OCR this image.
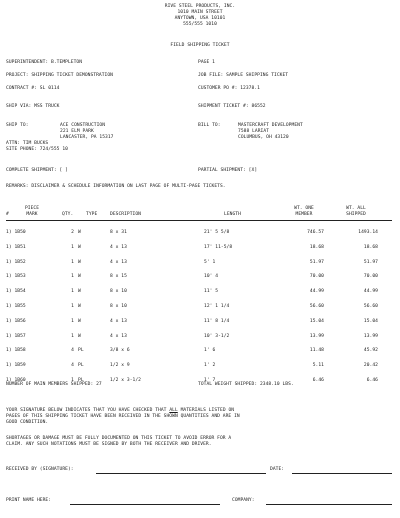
RIVE STEEL PRODUCTS, INC.
1010 MAIN STREET
ANYTOWN, USA 10101
555/555 1010
FIELD SHIPPING TICKET
SUPERINTENDENT: B.TEMPLETON	PAGE 1
PROJECT: SHIPPING TICKET DEMONSTRATION	JOB FILE: SAMPLE SHIPPING TICKET
CONTRACT #: SL 0114	CUSTOMER PO #: 12378.1
SHIP VIA: MSS TRUCK	SHIPMENT TICKET #: 86552
SHIP TO:	ACE CONSTRUCTION
221 ELM PARK
LANCASTER, PA 15317
ATTN: TIM BUCKS
SITE PHONE: 724/555 10
BILL TO:	MASTERCRAFT DEVELOPMENT
7588 LARIAT
COLUMBUS, OH 43120
COMPLETE SHIPMENT: [ ]	PARTIAL SHIPMENT: [X]
REMARKS: DISCLAIMER & SCHEDULE INFORMATION ON LAST PAGE OF MULTI-PAGE TICKETS.
PIECE
#	MARK	QTY.	TYPE	DESCRIPTION	LENGTH
WT. ONE
MEMBER
WT. ALL
SHIPPED
1) 1B50	2 W	8 x 31	21' 5 5/8	746.57	1493.14
1) 1B51	1 W	4 x 13	17' 11-5/8	18.68	18.68
1) 1B52	1 W	4 x 13	5' 1	51.97	51.97
1) 1B53	1 W	8 x 15	10' 4	70.00	70.00
1) 1B54	1 W	8 x 10	11' 5	44.99	44.99
1) 1B55	1 W	8 x 10	12' 1 1/4	56.60	56.60
1) 1B56	1 W	4 x 13	11' 8 1/4	15.04	15.04
1) 1B57	1 W	4 x 13	10' 3-1/2	13.99	13.99
1) 1B58	4 PL	3/8 x 6	1' 6	11.48	45.92
1) 1B59	4 PL	1/2 x 9	1' 2	5.11	20.42
1) 1B60	1 PL	1/2 x 3-1/2	1' 7	6.46	6.46
NUMBER OF MAIN MEMBERS SHIPPED: 27	TOTAL WEIGHT SHIPPED: 2348.10 LBS.
YOUR SIGNATURE BELOW INDICATES THAT YOU HAVE CHECKED THAT ALL MATERIALS LISTED ON
PAGES OF THIS SHIPPING TICKET HAVE BEEN RECEIVED IN THE SHOWN QUANTITIES AND ARE IN
GOOD CONDITION.
SHORTAGES OR DAMAGE MUST BE FULLY DOCUMENTED ON THIS TICKET TO AVOID ERROR FOR A
CLAIM. ANY SUCH NOTATIONS MUST BE SIGNED BY BOTH THE RECEIVER AND DRIVER.
RECEIVED BY (SIGNATURE):	DATE:
PRINT NAME HERE:	COMPANY:
